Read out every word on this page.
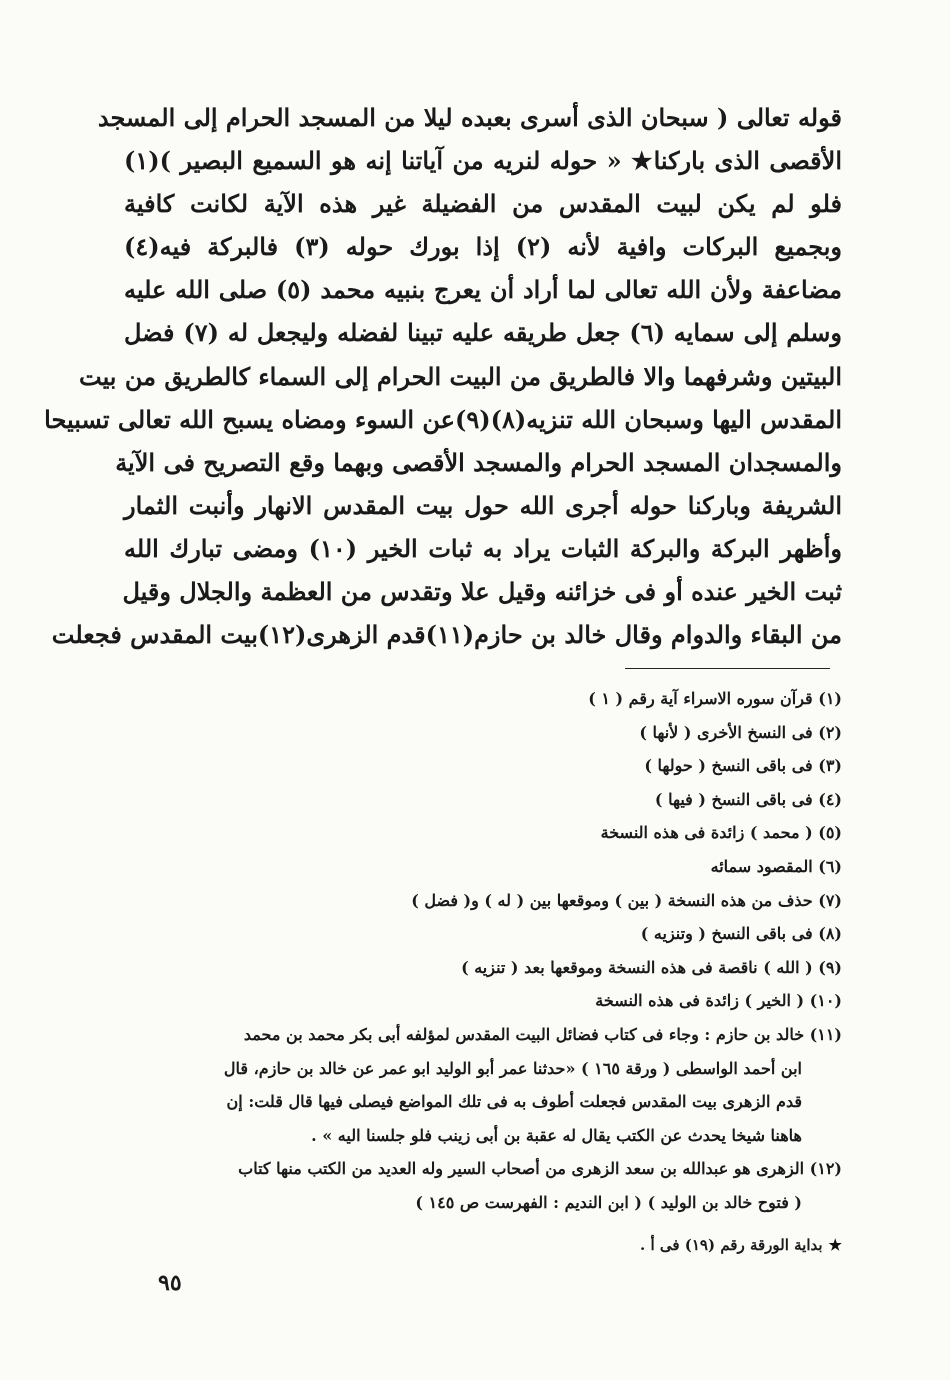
قوله تعالى ( سبحان الذى أسرى بعبده ليلا من المسجد الحرام إلى المسجد
الأقصى الذى باركنا★ « حوله لنريه من آياتنا إنه هو السميع البصير )(١)
فلو لم يكن لبيت المقدس من الفضيلة غير هذه الآية لكانت كافية
وبجميع البركات وافية لأنه (٢) إذا بورك حوله (٣) فالبركة فيه(٤)
مضاعفة ولأن الله تعالى لما أراد أن يعرج بنبيه محمد (٥) صلى الله عليه
وسلم إلى سمايه (٦) جعل طريقه عليه تبينا لفضله وليجعل له (٧) فضل
البيتين وشرفهما والا فالطريق من البيت الحرام إلى السماء كالطريق من بيت
المقدس اليها وسبحان الله تنزيه(٨)(٩)عن السوء ومضاه يسبح الله تعالى تسبيحا
والمسجدان المسجد الحرام والمسجد الأقصى وبهما وقع التصريح فى الآية
الشريفة وباركنا حوله أجرى الله حول بيت المقدس الانهار وأنبت الثمار
وأظهر البركة والبركة الثبات يراد به ثبات الخير (١٠) ومضى تبارك الله
ثبت الخير عنده أو فى خزائنه وقيل علا وتقدس من العظمة والجلال وقيل
من البقاء والدوام وقال خالد بن حازم(١١)قدم الزهرى(١٢)بيت المقدس فجعلت
(١) قرآن سوره الاسراء آية رقم ( ١ )
(٢) فى النسخ الأخرى ( لأنها )
(٣) فى باقى النسخ ( حولها )
(٤) فى باقى النسخ ( فيها )
(٥) ( محمد ) زائدة فى هذه النسخة
(٦) المقصود سمائه
(٧) حذف من هذه النسخة ( بين ) وموقعها بين ( له ) و( فضل )
(٨) فى باقى النسخ ( وتنزيه )
(٩) ( الله ) ناقصة فى هذه النسخة وموقعها بعد ( تنزيه )
(١٠) ( الخير ) زائدة فى هذه النسخة
(١١) خالد بن حازم : وجاء فى كتاب فضائل البيت المقدس لمؤلفه أبى بكر محمد بن محمد
ابن أحمد الواسطى ( ورقة ١٦٥ ) «حدثنا عمر أبو الوليد ابو عمر عن خالد بن حازم، قال
قدم الزهرى بيت المقدس فجعلت أطوف به فى تلك المواضع فيصلى فيها قال قلت: إن
هاهنا شيخا يحدث عن الكتب يقال له عقبة بن أبى زينب فلو جلسنا اليه » .
(١٢) الزهرى هو عبدالله بن سعد الزهرى من أصحاب السير وله العديد من الكتب منها كتاب
( فتوح خالد بن الوليد ) ( ابن النديم : الفهرست ص ١٤٥ )
★بداية الورقة رقم (١٩) فى أ .
٩٥
